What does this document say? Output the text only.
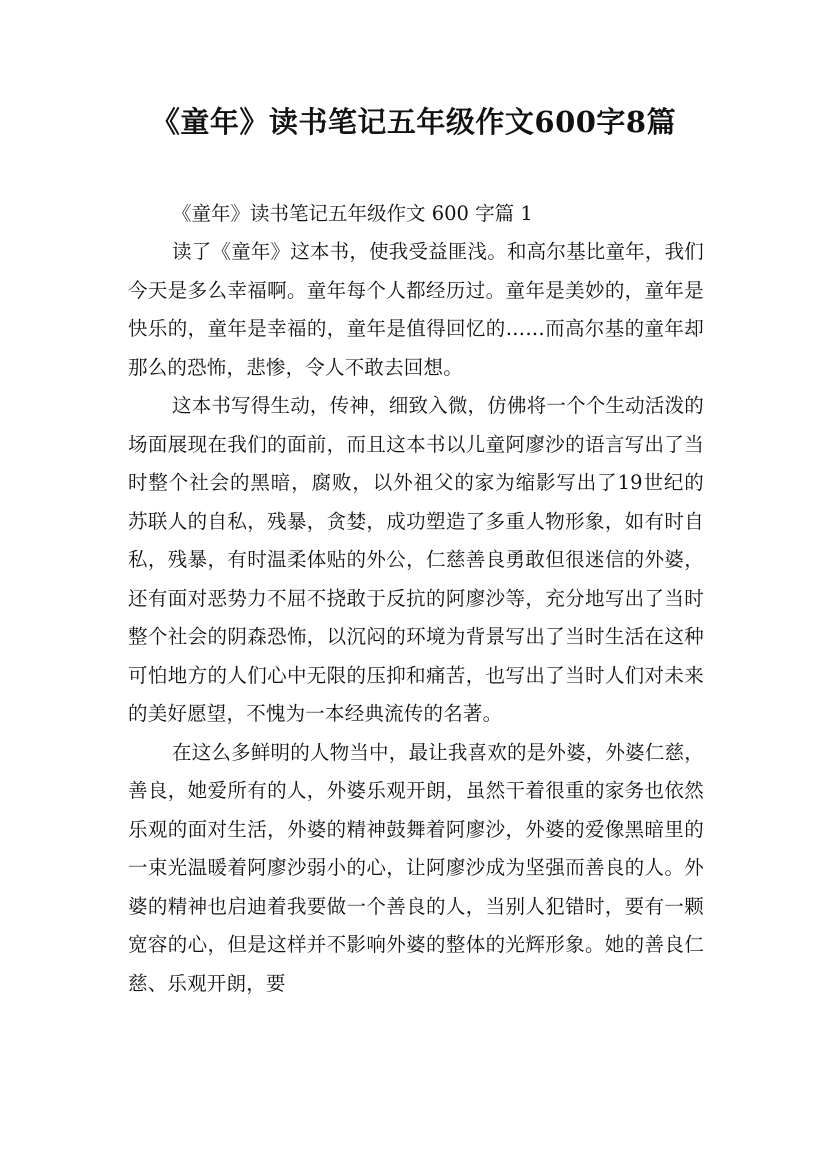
《童年》读书笔记五年级作文600字8篇

《童年》读书笔记五年级作文 600 字篇 1

读了《童年》这本书，使我受益匪浅。和高尔基比童年，我们今天是多么幸福啊。童年每个人都经历过。童年是美妙的，童年是快乐的，童年是幸福的，童年是值得回忆的……而高尔基的童年却那么的恐怖，悲惨，令人不敢去回想。

这本书写得生动，传神，细致入微，仿佛将一个个生动活泼的场面展现在我们的面前，而且这本书以儿童阿廖沙的语言写出了当时整个社会的黑暗，腐败，以外祖父的家为缩影写出了19世纪的苏联人的自私，残暴，贪婪，成功塑造了多重人物形象，如有时自私，残暴，有时温柔体贴的外公，仁慈善良勇敢但很迷信的外婆，还有面对恶势力不屈不挠敢于反抗的阿廖沙等，充分地写出了当时整个社会的阴森恐怖，以沉闷的环境为背景写出了当时生活在这种可怕地方的人们心中无限的压抑和痛苦，也写出了当时人们对未来的美好愿望，不愧为一本经典流传的名著。

在这么多鲜明的人物当中，最让我喜欢的是外婆，外婆仁慈，善良，她爱所有的人，外婆乐观开朗，虽然干着很重的家务也依然乐观的面对生活，外婆的精神鼓舞着阿廖沙，外婆的爱像黑暗里的一束光温暖着阿廖沙弱小的心，让阿廖沙成为坚强而善良的人。外婆的精神也启迪着我要做一个善良的人，当别人犯错时，要有一颗宽容的心，但是这样并不影响外婆的整体的光辉形象。她的善良仁慈、乐观开朗，要
